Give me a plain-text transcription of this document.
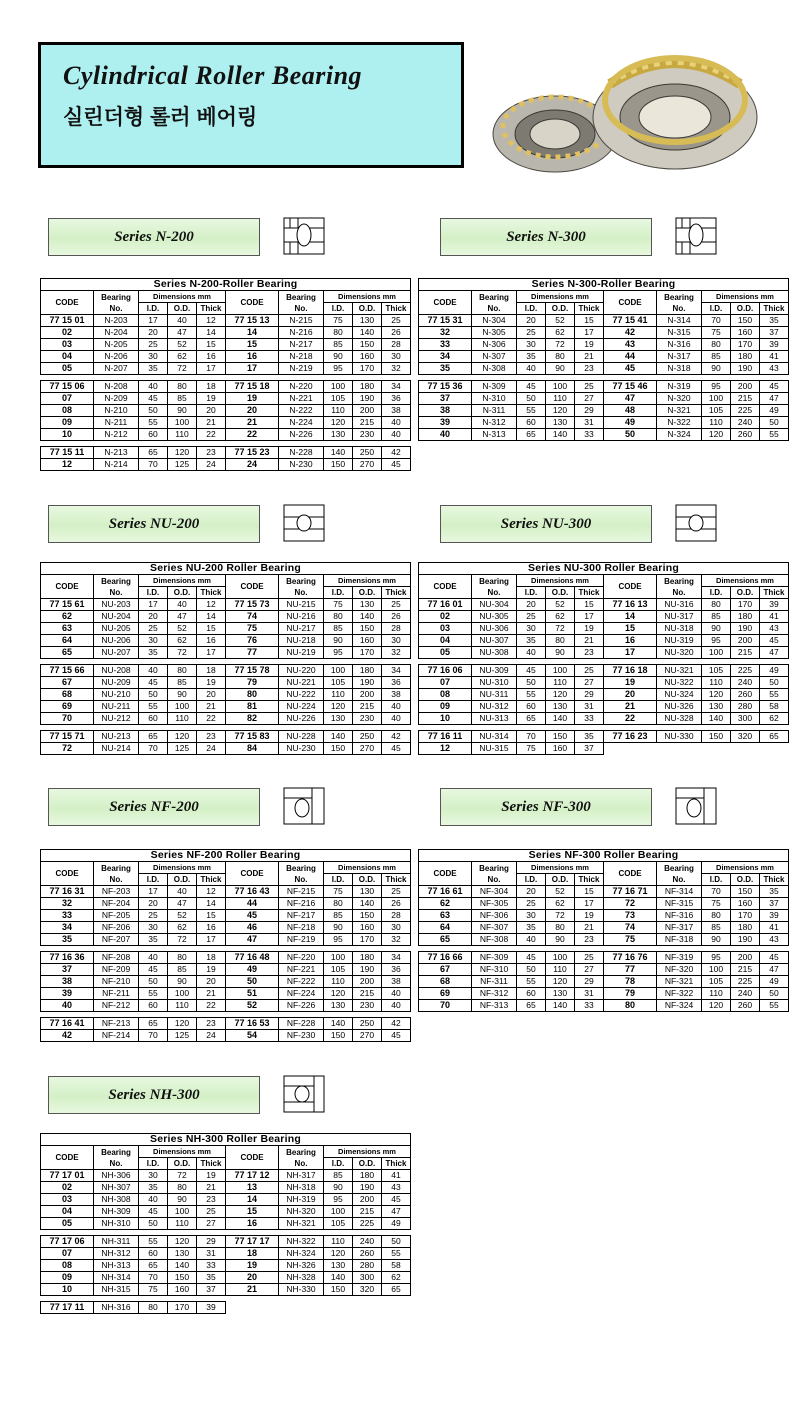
Cylindrical Roller Bearing
실린더형 롤러 베어링
Series N-200	Series N-300
Series NU-200	Series NU-300
Series NF-200	Series NF-300
Series NH-300
Series N-200-Roller Bearing									
CODE	Bearing No.	Dimensions mm			CODE	Bearing No.	Dimensions mm		
		I.D.	O.D.	Thick			I.D.	O.D.	Thick
77 15 01	N-203	17	40	12	77 15 13	N-215	75	130	25
02	N-204	20	47	14	14	N-216	80	140	26
03	N-205	25	52	15	15	N-217	85	150	28
04	N-206	30	62	16	16	N-218	90	160	30
05	N-207	35	72	17	17	N-219	95	170	32

77 15 06	N-208	40	80	18	77 15 18	N-220	100	180	34
07	N-209	45	85	19	19	N-221	105	190	36
08	N-210	50	90	20	20	N-222	110	200	38
09	N-211	55	100	21	21	N-224	120	215	40
10	N-212	60	110	22	22	N-226	130	230	40

77 15 11	N-213	65	120	23	77 15 23	N-228	140	250	42
12	N-214	70	125	24	24	N-230	150	270	45
Series N-300-Roller Bearing									
CODE	Bearing No.	Dimensions mm			CODE	Bearing No.	Dimensions mm		
		I.D.	O.D.	Thick			I.D.	O.D.	Thick
77 15 31	N-304	20	52	15	77 15 41	N-314	70	150	35
32	N-305	25	62	17	42	N-315	75	160	37
33	N-306	30	72	19	43	N-316	80	170	39
34	N-307	35	80	21	44	N-317	85	180	41
35	N-308	40	90	23	45	N-318	90	190	43

77 15 36	N-309	45	100	25	77 15 46	N-319	95	200	45
37	N-310	50	110	27	47	N-320	100	215	47
38	N-311	55	120	29	48	N-321	105	225	49
39	N-312	60	130	31	49	N-322	110	240	50
40	N-313	65	140	33	50	N-324	120	260	55
Series NU-200 Roller Bearing									
CODE	Bearing No.	Dimensions mm			CODE	Bearing No.	Dimensions mm		
		I.D.	O.D.	Thick			I.D.	O.D.	Thick
77 15 61	NU-203	17	40	12	77 15 73	NU-215	75	130	25
62	NU-204	20	47	14	74	NU-216	80	140	26
63	NU-205	25	52	15	75	NU-217	85	150	28
64	NU-206	30	62	16	76	NU-218	90	160	30
65	NU-207	35	72	17	77	NU-219	95	170	32

77 15 66	NU-208	40	80	18	77 15 78	NU-220	100	180	34
67	NU-209	45	85	19	79	NU-221	105	190	36
68	NU-210	50	90	20	80	NU-222	110	200	38
69	NU-211	55	100	21	81	NU-224	120	215	40
70	NU-212	60	110	22	82	NU-226	130	230	40

77 15 71	NU-213	65	120	23	77 15 83	NU-228	140	250	42
72	NU-214	70	125	24	84	NU-230	150	270	45
Series NU-300 Roller Bearing									
CODE	Bearing No.	Dimensions mm			CODE	Bearing No.	Dimensions mm		
		I.D.	O.D.	Thick			I.D.	O.D.	Thick
77 16 01	NU-304	20	52	15	77 16 13	NU-316	80	170	39
02	NU-305	25	62	17	14	NU-317	85	180	41
03	NU-306	30	72	19	15	NU-318	90	190	43
04	NU-307	35	80	21	16	NU-319	95	200	45
05	NU-308	40	90	23	17	NU-320	100	215	47

77 16 06	NU-309	45	100	25	77 16 18	NU-321	105	225	49
07	NU-310	50	110	27	19	NU-322	110	240	50
08	NU-311	55	120	29	20	NU-324	120	260	55
09	NU-312	60	130	31	21	NU-326	130	280	58
10	NU-313	65	140	33	22	NU-328	140	300	62

77 16 11	NU-314	70	150	35	77 16 23	NU-330	150	320	65
12	NU-315	75	160	37					
Series NF-200 Roller Bearing									
CODE	Bearing No.	Dimensions mm			CODE	Bearing No.	Dimensions mm		
		I.D.	O.D.	Thick			I.D.	O.D.	Thick
77 16 31	NF-203	17	40	12	77 16 43	NF-215	75	130	25
32	NF-204	20	47	14	44	NF-216	80	140	26
33	NF-205	25	52	15	45	NF-217	85	150	28
34	NF-206	30	62	16	46	NF-218	90	160	30
35	NF-207	35	72	17	47	NF-219	95	170	32

77 16 36	NF-208	40	80	18	77 16 48	NF-220	100	180	34
37	NF-209	45	85	19	49	NF-221	105	190	36
38	NF-210	50	90	20	50	NF-222	110	200	38
39	NF-211	55	100	21	51	NF-224	120	215	40
40	NF-212	60	110	22	52	NF-226	130	230	40

77 16 41	NF-213	65	120	23	77 16 53	NF-228	140	250	42
42	NF-214	70	125	24	54	NF-230	150	270	45
Series NF-300 Roller Bearing									
CODE	Bearing No.	Dimensions mm			CODE	Bearing No.	Dimensions mm		
		I.D.	O.D.	Thick			I.D.	O.D.	Thick
77 16 61	NF-304	20	52	15	77 16 71	NF-314	70	150	35
62	NF-305	25	62	17	72	NF-315	75	160	37
63	NF-306	30	72	19	73	NF-316	80	170	39
64	NF-307	35	80	21	74	NF-317	85	180	41
65	NF-308	40	90	23	75	NF-318	90	190	43

77 16 66	NF-309	45	100	25	77 16 76	NF-319	95	200	45
67	NF-310	50	110	27	77	NF-320	100	215	47
68	NF-311	55	120	29	78	NF-321	105	225	49
69	NF-312	60	130	31	79	NF-322	110	240	50
70	NF-313	65	140	33	80	NF-324	120	260	55
Series NH-300 Roller Bearing									
CODE	Bearing No.	Dimensions mm			CODE	Bearing No.	Dimensions mm		
		I.D.	O.D.	Thick			I.D.	O.D.	Thick
77 17 01	NH-306	30	72	19	77 17 12	NH-317	85	180	41
02	NH-307	35	80	21	13	NH-318	90	190	43
03	NH-308	40	90	23	14	NH-319	95	200	45
04	NH-309	45	100	25	15	NH-320	100	215	47
05	NH-310	50	110	27	16	NH-321	105	225	49

77 17 06	NH-311	55	120	29	77 17 17	NH-322	110	240	50
07	NH-312	60	130	31	18	NH-324	120	260	55
08	NH-313	65	140	33	19	NH-326	130	280	58
09	NH-314	70	150	35	20	NH-328	140	300	62
10	NH-315	75	160	37	21	NH-330	150	320	65

77 17 11	NH-316	80	170	39					
